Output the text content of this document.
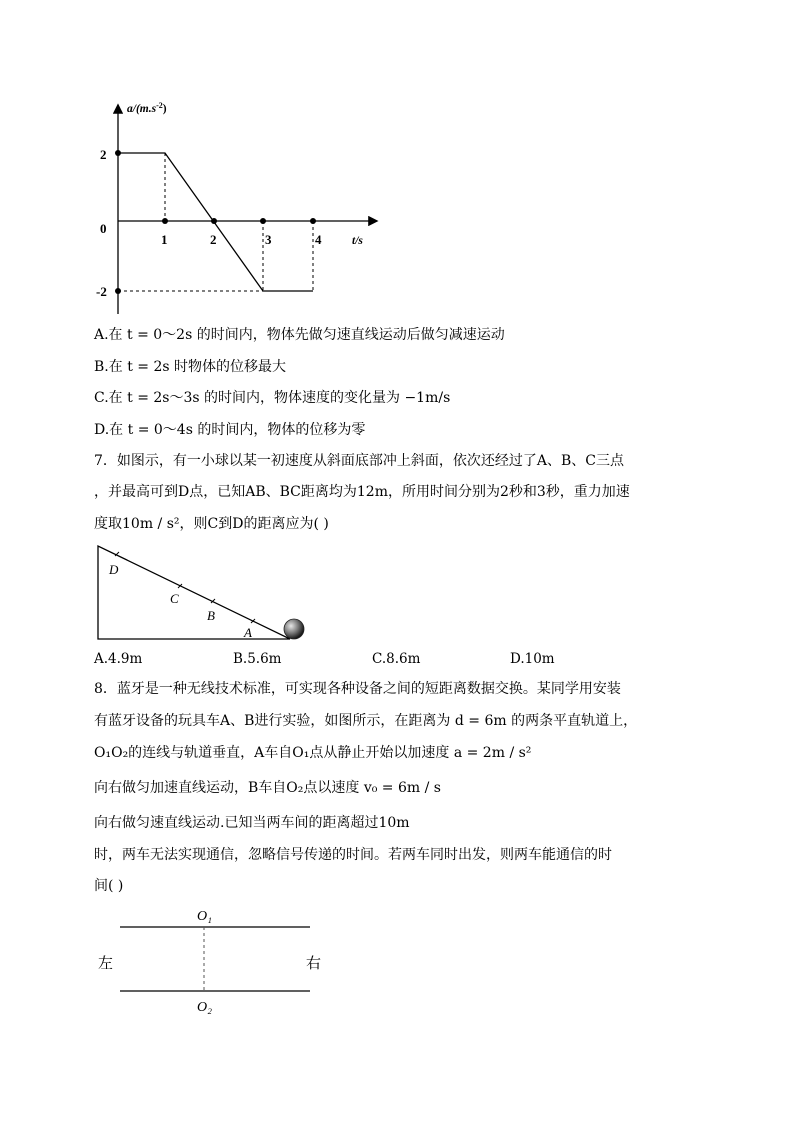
$a/(m.s^{-2})$
2
0
-2
1	2	3	4	t/s
A.在 t = 0～2s 的时间内，物体先做匀速直线运动后做匀减速运动
B.在 t = 2s 时物体的位移最大
C.在 t = 2s～3s 的时间内，物体速度的变化量为 −1m/s
D.在 t = 0～4s 的时间内，物体的位移为零
7．如图示，有一小球以某一初速度从斜面底部冲上斜面，依次还经过了A、B、C三点
，并最高可到D点，已知AB、BC距离均为12m，所用时间分别为2秒和3秒，重力加速
度取10m / s²，则C到D的距离应为( )
D
C
B
A
A.4.9m	B.5.6m	C.8.6m	D.10m
8．蓝牙是一种无线技术标准，可实现各种设备之间的短距离数据交换。某同学用安装
有蓝牙设备的玩具车A、B进行实验，如图所示，在距离为 d = 6m 的两条平直轨道上，
O₁O₂的连线与轨道垂直，A车自O₁点从静止开始以加速度 a = 2m / s²
向右做匀加速直线运动，B车自O₂点以速度 v₀ = 6m / s
向右做匀速直线运动.已知当两车间的距离超过10m
时，两车无法实现通信，忽略信号传递的时间。若两车同时出发，则两车能通信的时
间( )
O₁
O₂
左	右
